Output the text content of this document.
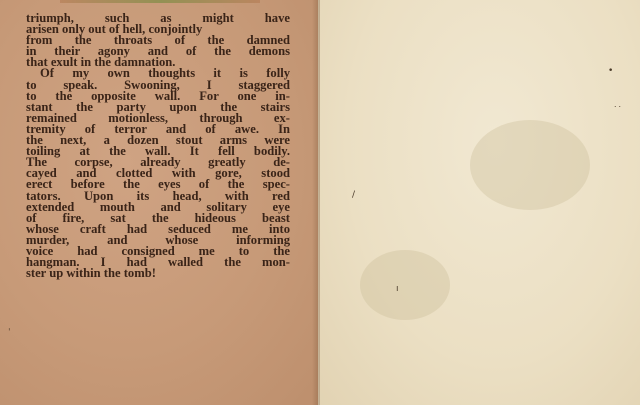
triumph, such as might have
arisen only out of hell, conjointly
from the throats of the damned
in their agony and of the demons
that exult in the damnation.
Of my own thoughts it is folly
to speak. Swooning, I staggered
to the opposite wall. For one in-
stant the party upon the stairs
remained motionless, through ex-
tremity of terror and of awe. In
the next, a dozen stout arms were
toiling at the wall. It fell bodily.
The corpse, already greatly de-
cayed and clotted with gore, stood
erect before the eyes of the spec-
tators. Upon its head, with red
extended mouth and solitary eye
of fire, sat the hideous beast
whose craft had seduced me into
murder, and whose informing
voice had consigned me to the
hangman. I had walled the mon-
ster up within the tomb!
ˈ
•
˙˙
/
ı
